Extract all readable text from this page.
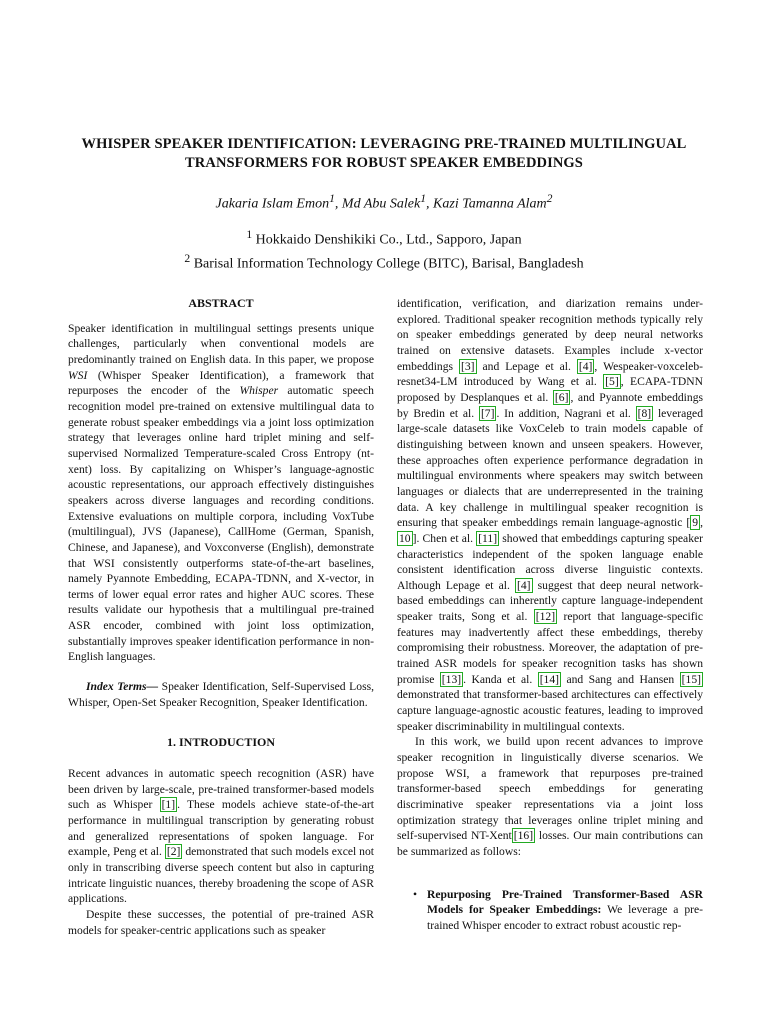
WHISPER SPEAKER IDENTIFICATION: LEVERAGING PRE-TRAINED MULTILINGUAL
TRANSFORMERS FOR ROBUST SPEAKER EMBEDDINGS
Jakaria Islam Emon$^1$, Md Abu Salek$^1$, Kazi Tamanna Alam$^2$
$^1$ Hokkaido Denshikiki Co., Ltd., Sapporo, Japan
$^2$ Barisal Information Technology College (BITC), Barisal, Bangladesh
ABSTRACT

Speaker identification in multilingual settings presents unique challenges, particularly when conventional models are predominantly trained on English data. In this paper, we propose WSI (Whisper Speaker Identification), a framework that repurposes the encoder of the Whisper automatic speech recognition model pre-trained on extensive multilingual data to generate robust speaker embeddings via a joint loss optimization strategy that leverages online hard triplet mining and self-supervised Normalized Temperature-scaled Cross Entropy (nt-xent) loss. By capitalizing on Whisper’s language-agnostic acoustic representations, our approach effectively distinguishes speakers across diverse languages and recording conditions. Extensive evaluations on multiple corpora, including VoxTube (multilingual), JVS (Japanese), CallHome (German, Spanish, Chinese, and Japanese), and Voxconverse (English), demonstrate that WSI consistently outperforms state-of-the-art baselines, namely Pyannote Embedding, ECAPA-TDNN, and X-vector, in terms of lower equal error rates and higher AUC scores. These results validate our hypothesis that a multilingual pre-trained ASR encoder, combined with joint loss optimization, substantially improves speaker identification performance in non-English languages.

Index Terms— Speaker Identification, Self-Supervised Loss, Whisper, Open-Set Speaker Recognition, Speaker Identification.

1. INTRODUCTION

Recent advances in automatic speech recognition (ASR) have been driven by large-scale, pre-trained transformer-based models such as Whisper [1] . These models achieve state-of-the-art performance in multilingual transcription by generating robust and generalized representations of spoken language. For example, Peng et al. [2] demonstrated that such models excel not only in transcribing diverse speech content but also in capturing intricate linguistic nuances, thereby broadening the scope of ASR applications.

Despite these successes, the potential of pre-trained ASR models for speaker-centric applications such as speaker

identification, verification, and diarization remains under-explored. Traditional speaker recognition methods typically rely on speaker embeddings generated by deep neural networks trained on extensive datasets. Examples include x-vector embeddings [3] and Lepage et al. [4] , Wespeaker-voxceleb-resnet34-LM introduced by Wang et al. [5] , ECAPA-TDNN proposed by Desplanques et al. [6] , and Pyannote embeddings by Bredin et al. [7] . In addition, Nagrani et al. [8] leveraged large-scale datasets like VoxCeleb to train models capable of distinguishing between known and unseen speakers. However, these approaches often experience performance degradation in multilingual environments where speakers may switch between languages or dialects that are underrepresented in the training data. A key challenge in multilingual speaker recognition is ensuring that speaker embeddings remain language-agnostic [ 9 , 10 ]. Chen et al. [11] showed that embeddings capturing speaker characteristics independent of the spoken language enable consistent identification across diverse linguistic contexts. Although Lepage et al. [4] suggest that deep neural network-based embeddings can inherently capture language-independent speaker traits, Song et al. [12] report that language-specific features may inadvertently affect these embeddings, thereby compromising their robustness. Moreover, the adaptation of pre-trained ASR models for speaker recognition tasks has shown promise [13] . Kanda et al. [14] and Sang and Hansen [15] demonstrated that transformer-based architectures can effectively capture language-agnostic acoustic features, leading to improved speaker discriminability in multilingual contexts.

In this work, we build upon recent advances to improve speaker recognition in linguistically diverse scenarios. We propose WSI, a framework that repurposes pre-trained transformer-based speech embeddings for generating discriminative speaker representations via a joint loss optimization strategy that leverages online triplet mining and self-supervised NT-Xent [16] losses. Our main contributions can be summarized as follows:

• Repurposing Pre-Trained Transformer-Based ASR Models for Speaker Embeddings: We leverage a pre-trained Whisper encoder to extract robust acoustic rep-
